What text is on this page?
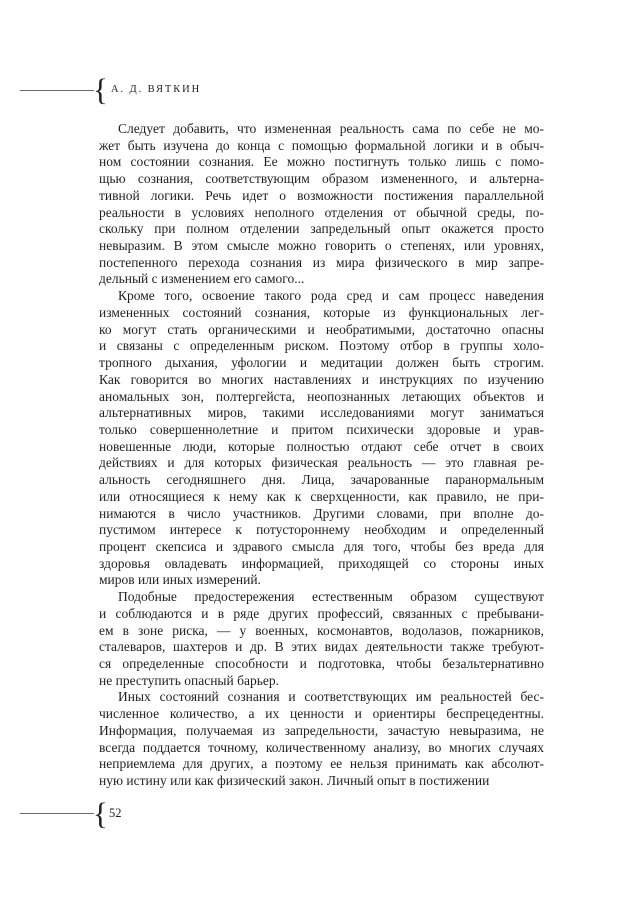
{ А. Д. ВЯТКИН
Следует добавить, что измененная реальность сама по себе не мо-
жет быть изучена до конца с помощью формальной логики и в обыч-
ном состоянии сознания. Ее можно постигнуть только лишь с помо-
щью сознания, соответствующим образом измененного, и альтерна-
тивной логики. Речь идет о возможности постижения параллельной
реальности в условиях неполного отделения от обычной среды, по-
скольку при полном отделении запредельный опыт окажется просто
невыразим. В этом смысле можно говорить о степенях, или уровнях,
постепенного перехода сознания из мира физического в мир запре-
дельный с изменением его самого...
Кроме того, освоение такого рода сред и сам процесс наведения
измененных состояний сознания, которые из функциональных лег-
ко могут стать органическими и необратимыми, достаточно опасны
и связаны с определенным риском. Поэтому отбор в группы холо-
тропного дыхания, уфологии и медитации должен быть строгим.
Как говорится во многих наставлениях и инструкциях по изучению
аномальных зон, полтергейста, неопознанных летающих объектов и
альтернативных миров, такими исследованиями могут заниматься
только совершеннолетние и притом психически здоровые и урав-
новешенные люди, которые полностью отдают себе отчет в своих
действиях и для которых физическая реальность — это главная ре-
альность сегодняшнего дня. Лица, зачарованные паранормальным
или относящиеся к нему как к сверхценности, как правило, не при-
нимаются в число участников. Другими словами, при вполне до-
пустимом интересе к потустороннему необходим и определенный
процент скепсиса и здравого смысла для того, чтобы без вреда для
здоровья овладевать информацией, приходящей со стороны иных
миров или иных измерений.
Подобные предостережения естественным образом существуют
и соблюдаются и в ряде других профессий, связанных с пребывани-
ем в зоне риска, — у военных, космонавтов, водолазов, пожарников,
сталеваров, шахтеров и др. В этих видах деятельности также требуют-
ся определенные способности и подготовка, чтобы безальтернативно
не преступить опасный барьер.
Иных состояний сознания и соответствующих им реальностей бес-
численное количество, а их ценности и ориентиры беспрецедентны.
Информация, получаемая из запредельности, зачастую невыразима, не
всегда поддается точному, количественному анализу, во многих случаях
неприемлема для других, а поэтому ее нельзя принимать как абсолют-
ную истину или как физический закон. Личный опыт в постижении
{ 52
